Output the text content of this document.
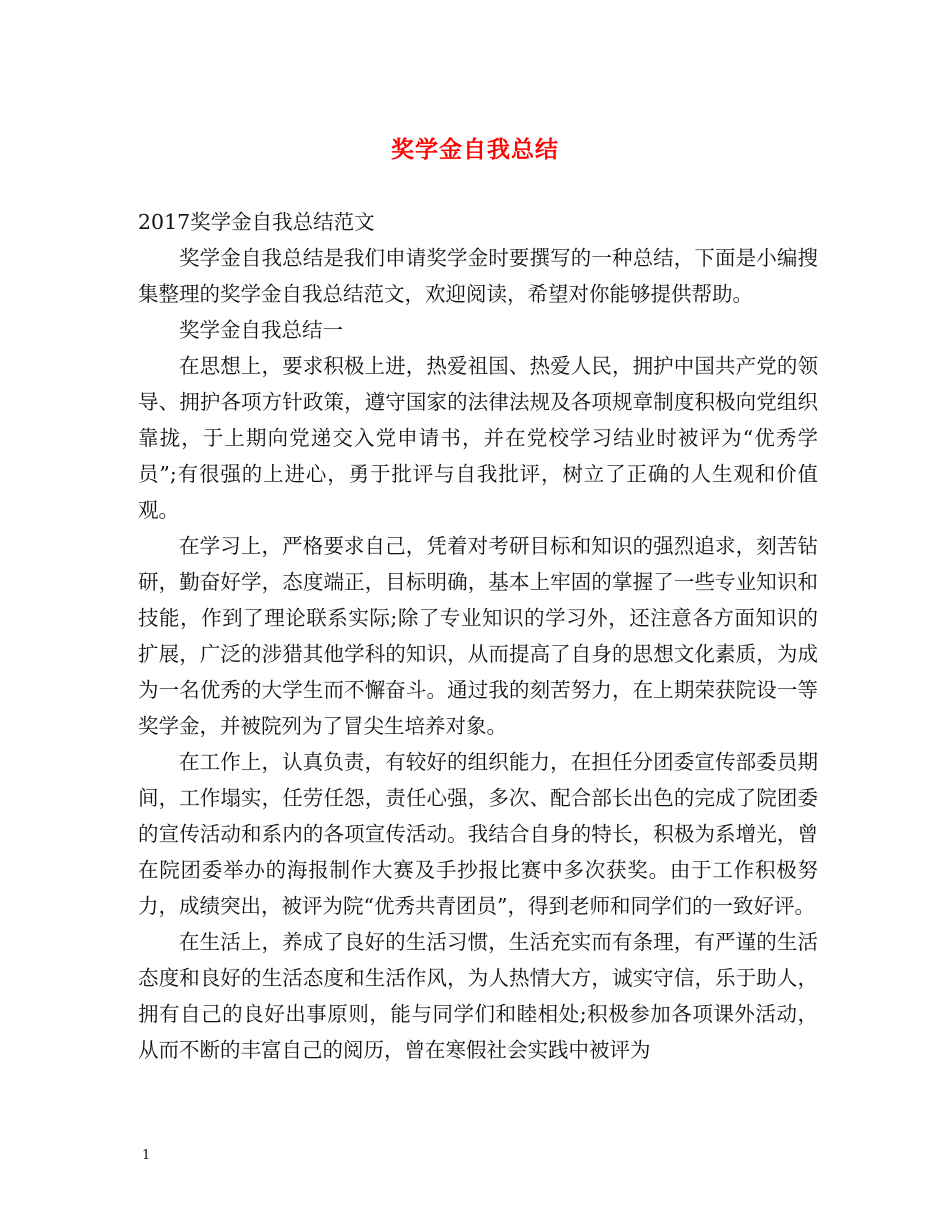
奖学金自我总结

2017奖学金自我总结范文

奖学金自我总结是我们申请奖学金时要撰写的一种总结，下面是小编搜集整理的奖学金自我总结范文，欢迎阅读，希望对你能够提供帮助。

奖学金自我总结一

在思想上，要求积极上进，热爱祖国、热爱人民，拥护中国共产党的领导、拥护各项方针政策，遵守国家的法律法规及各项规章制度积极向党组织靠拢，于上期向党递交入党申请书，并在党校学习结业时被评为“优秀学员”;有很强的上进心，勇于批评与自我批评，树立了正确的人生观和价值观。

在学习上，严格要求自己，凭着对考研目标和知识的强烈追求，刻苦钻研，勤奋好学，态度端正，目标明确，基本上牢固的掌握了一些专业知识和技能，作到了理论联系实际;除了专业知识的学习外，还注意各方面知识的扩展，广泛的涉猎其他学科的知识，从而提高了自身的思想文化素质，为成为一名优秀的大学生而不懈奋斗。通过我的刻苦努力，在上期荣获院设一等奖学金，并被院列为了冒尖生培养对象。

在工作上，认真负责，有较好的组织能力，在担任分团委宣传部委员期间，工作塌实，任劳任怨，责任心强，多次、配合部长出色的完成了院团委的宣传活动和系内的各项宣传活动。我结合自身的特长，积极为系增光，曾在院团委举办的海报制作大赛及手抄报比赛中多次获奖。由于工作积极努力，成绩突出，被评为院“优秀共青团员”，得到老师和同学们的一致好评。

在生活上，养成了良好的生活习惯，生活充实而有条理，有严谨的生活态度和良好的生活态度和生活作风，为人热情大方，诚实守信，乐于助人，拥有自己的良好出事原则，能与同学们和睦相处;积极参加各项课外活动，从而不断的丰富自己的阅历，曾在寒假社会实践中被评为

1
